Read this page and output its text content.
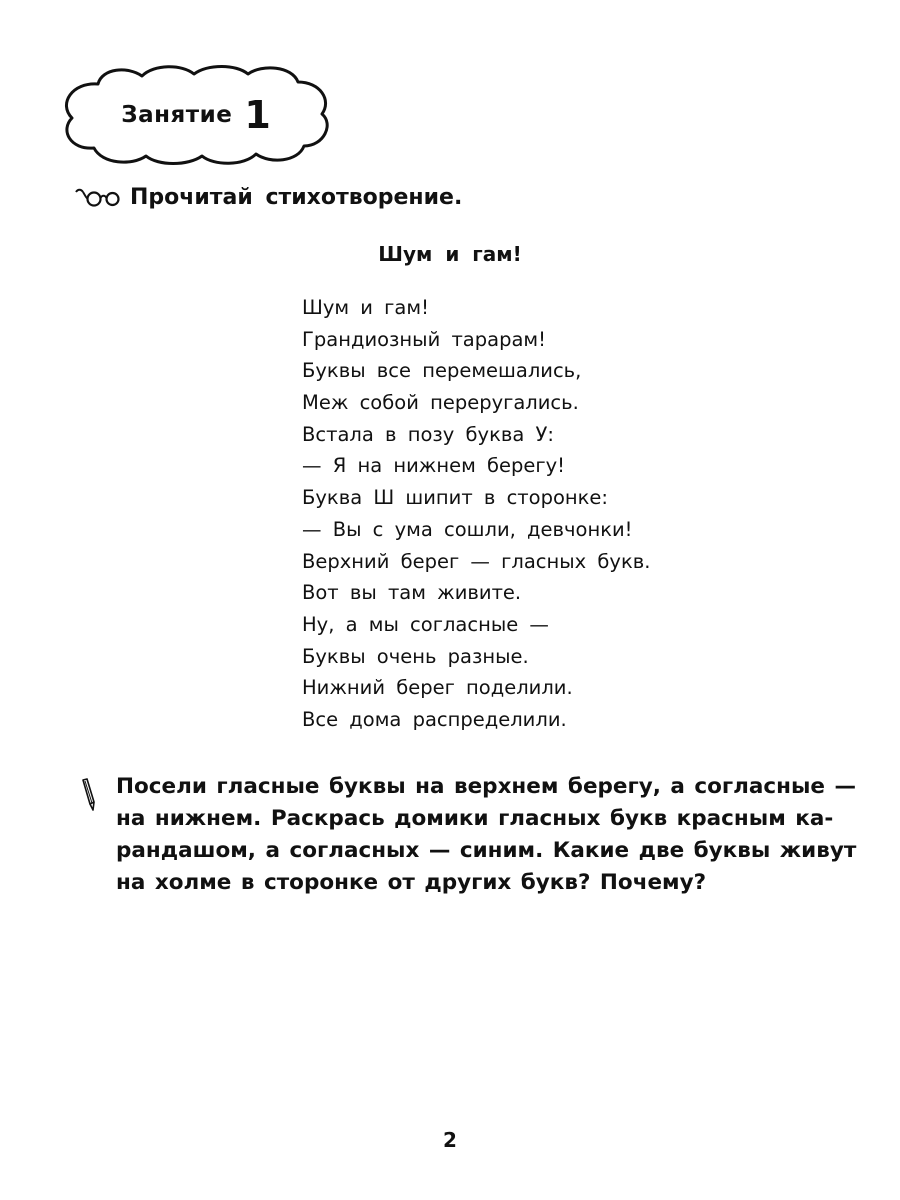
Занятие 1
Прочитай стихотворение.
Шум и гам!
Шум и гам!
Грандиозный тарарам!
Буквы все перемешались,
Меж собой переругались.
Встала в позу буква У:
— Я на нижнем берегу!
Буква Ш шипит в сторонке:
— Вы с ума сошли, девчонки!
Верхний берег — гласных букв.
Вот вы там живите.
Ну, а мы согласные —
Буквы очень разные.
Нижний берег поделили.
Все дома распределили.
Посели гласные буквы на верхнем берегу, а согласные —
на нижнем. Раскрась домики гласных букв красным ка-
рандашом, а согласных — синим. Какие две буквы живут
на холме в сторонке от других букв? Почему?
2
